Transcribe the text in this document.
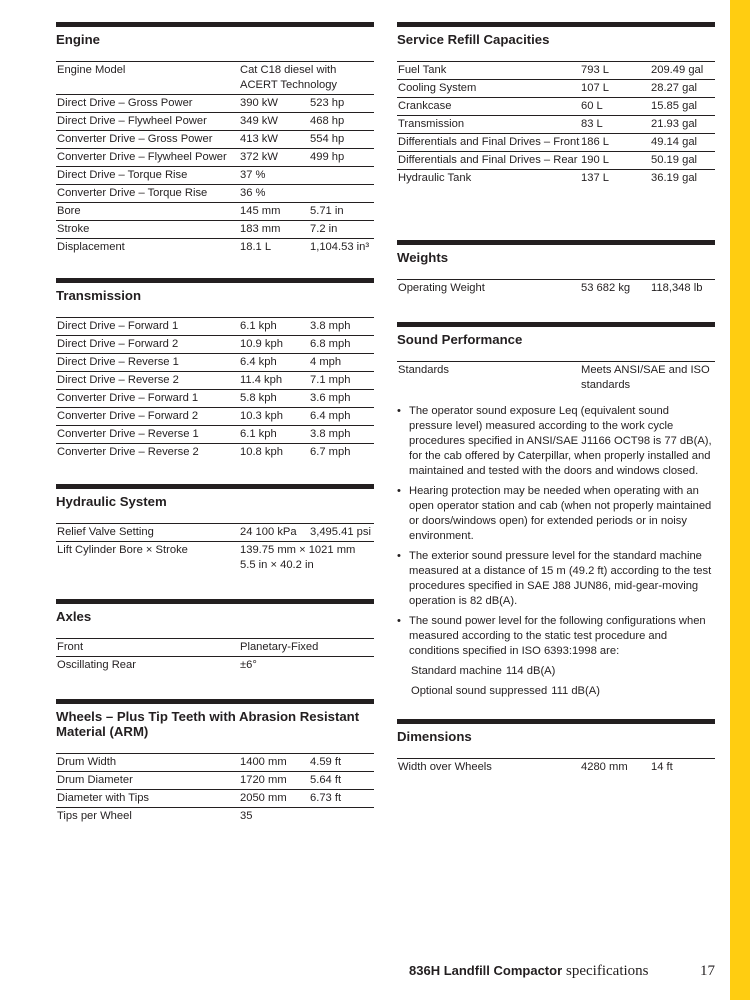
Engine
Engine Model	Cat C18 diesel with ACERT Technology	
Direct Drive – Gross Power	390 kW	523 hp
Direct Drive – Flywheel Power	349 kW	468 hp
Converter Drive – Gross Power	413 kW	554 hp
Converter Drive – Flywheel Power	372 kW	499 hp
Direct Drive – Torque Rise	37 %	
Converter Drive – Torque Rise	36 %	
Bore	145 mm	5.71 in
Stroke	183 mm	7.2 in
Displacement	18.1 L	1,104.53 in³
Transmission
Direct Drive – Forward 1	6.1 kph	3.8 mph
Direct Drive – Forward 2	10.9 kph	6.8 mph
Direct Drive – Reverse 1	6.4 kph	4 mph
Direct Drive – Reverse 2	11.4 kph	7.1 mph
Converter Drive – Forward 1	5.8 kph	3.6 mph
Converter Drive – Forward 2	10.3 kph	6.4 mph
Converter Drive – Reverse 1	6.1 kph	3.8 mph
Converter Drive – Reverse 2	10.8 kph	6.7 mph
Hydraulic System
Relief Valve Setting	24 100 kPa	3,495.41 psi
Lift Cylinder Bore × Stroke	139.75 mm × 1021 mm
5.5 in × 40.2 in	
Axles
Front	Planetary-Fixed	
Oscillating Rear	±6°	
Wheels – Plus Tip Teeth with Abrasion Resistant Material (ARM)
Drum Width	1400 mm	4.59 ft
Drum Diameter	1720 mm	5.64 ft
Diameter with Tips	2050 mm	6.73 ft
Tips per Wheel	35	
Service Refill Capacities
Fuel Tank	793 L	209.49 gal
Cooling System	107 L	28.27 gal
Crankcase	60 L	15.85 gal
Transmission	83 L	21.93 gal
Differentials and Final Drives – Front	186 L	49.14 gal
Differentials and Final Drives – Rear	190 L	50.19 gal
Hydraulic Tank	137 L	36.19 gal
Weights
Operating Weight	53 682 kg	118,348 lb
Sound Performance
Standards	Meets ANSI/SAE and ISO standards
• The operator sound exposure Leq (equivalent sound pressure level) measured according to the work cycle procedures specified in ANSI/SAE J1166 OCT98 is 77 dB(A), for the cab offered by Caterpillar, when properly installed and maintained and tested with the doors and windows closed.
• Hearing protection may be needed when operating with an open operator station and cab (when not properly maintained or doors/windows open) for extended periods or in noisy environment.
• The exterior sound pressure level for the standard machine measured at a distance of 15 m (49.2 ft) according to the test procedures specified in SAE J88 JUN86, mid-gear-moving operation is 82 dB(A).
• The sound power level for the following configurations when measured according to the static test procedure and conditions specified in ISO 6393:1998 are:
Standard machine 114 dB(A)
Optional sound suppressed 111 dB(A)
Dimensions
Width over Wheels	4280 mm	14 ft
836H Landfill Compactor specifications	17
